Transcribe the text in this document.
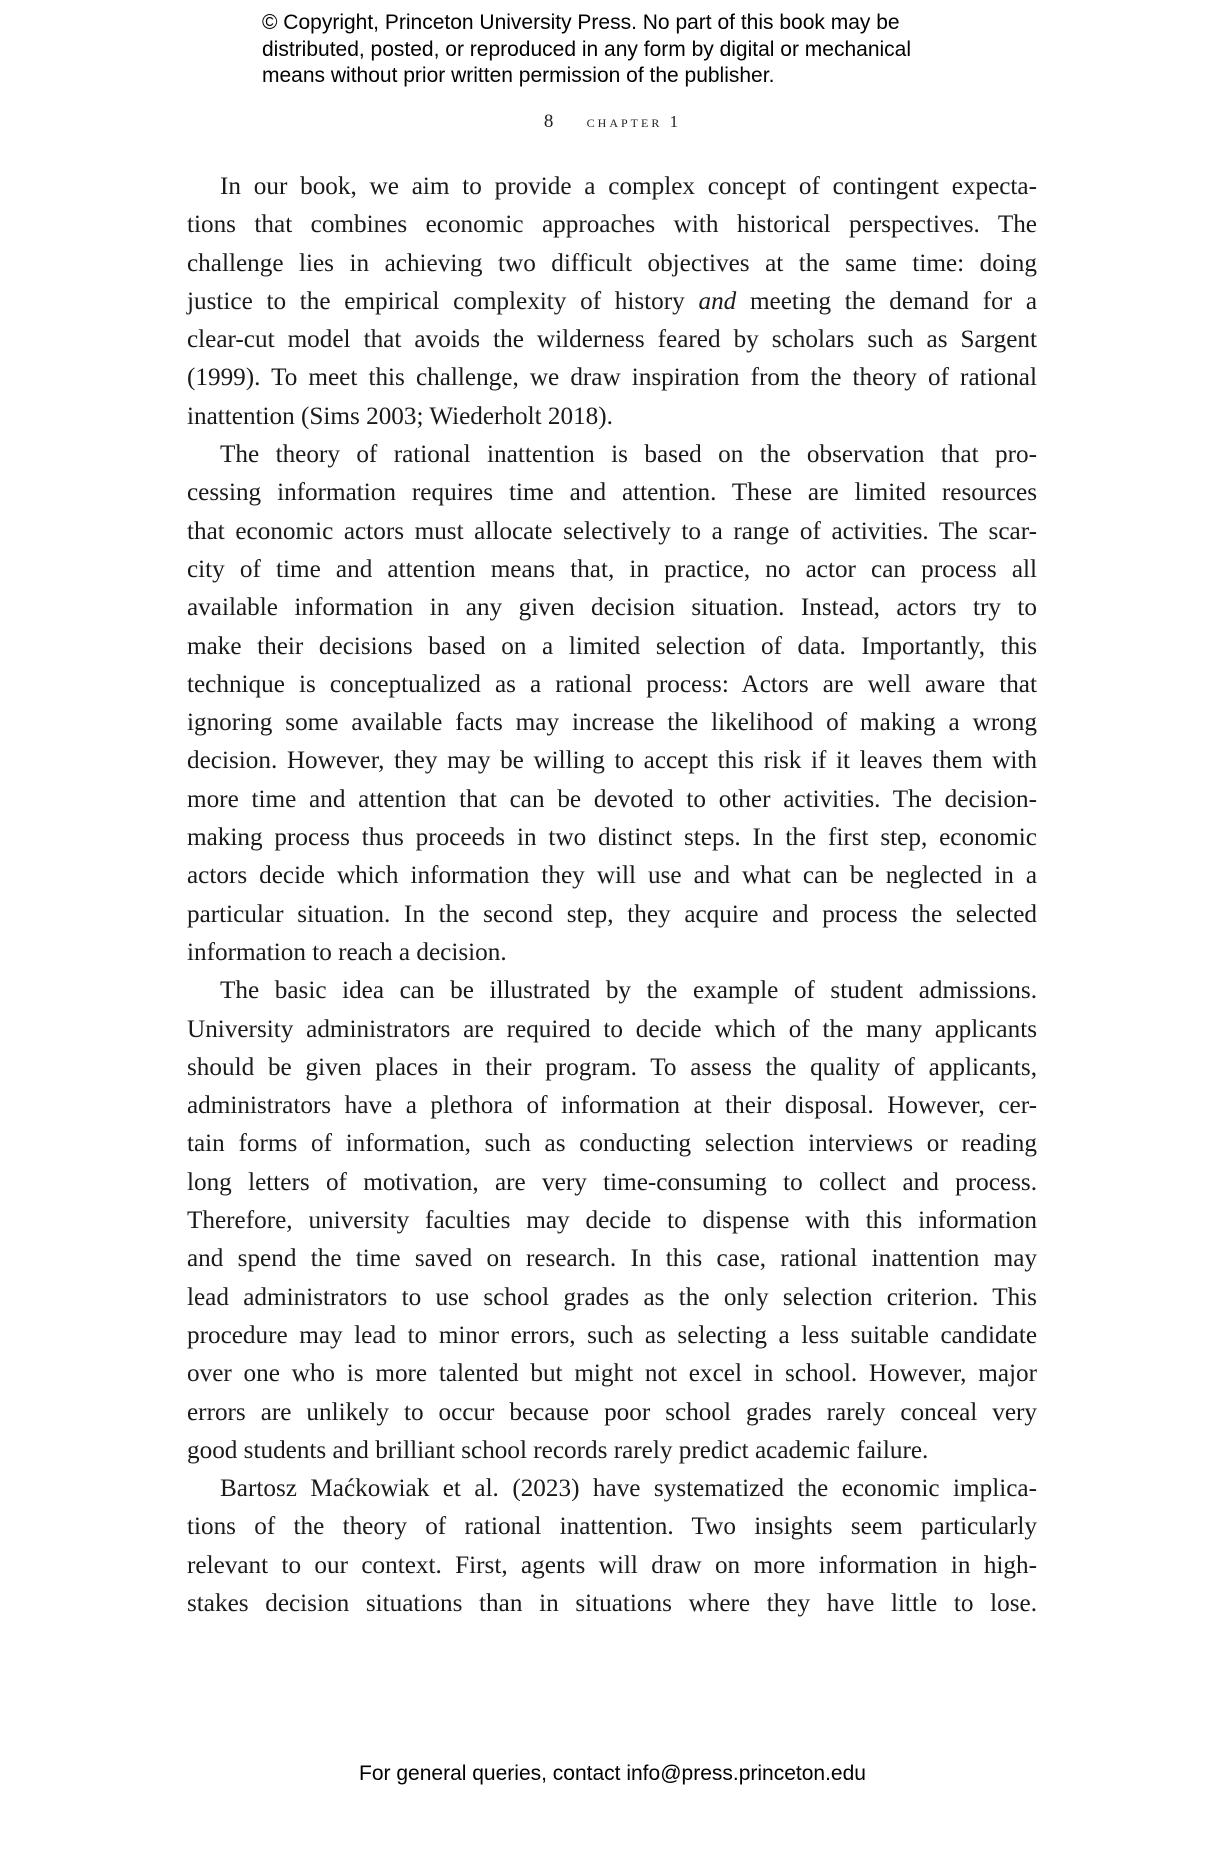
© Copyright, Princeton University Press. No part of this book may be
distributed, posted, or reproduced in any form by digital or mechanical
means without prior written permission of the publisher.
8 chapter 1

In our book, we aim to provide a complex concept of contingent expecta-
tions that combines economic approaches with historical perspectives. The
challenge lies in achieving two difficult objectives at the same time: doing
justice to the empirical complexity of history and meeting the demand for a
clear-cut model that avoids the wilderness feared by scholars such as Sargent
(1999). To meet this challenge, we draw inspiration from the theory of rational
inattention (Sims 2003; Wiederholt 2018).

The theory of rational inattention is based on the observation that pro-
cessing information requires time and attention. These are limited resources
that economic actors must allocate selectively to a range of activities. The scar-
city of time and attention means that, in practice, no actor can process all
available information in any given decision situation. Instead, actors try to
make their decisions based on a limited selection of data. Importantly, this
technique is conceptualized as a rational process: Actors are well aware that
ignoring some available facts may increase the likelihood of making a wrong
decision. However, they may be willing to accept this risk if it leaves them with
more time and attention that can be devoted to other activities. The decision-
making process thus proceeds in two distinct steps. In the first step, economic
actors decide which information they will use and what can be neglected in a
particular situation. In the second step, they acquire and process the selected
information to reach a decision.

The basic idea can be illustrated by the example of student admissions.
University administrators are required to decide which of the many applicants
should be given places in their program. To assess the quality of applicants,
administrators have a plethora of information at their disposal. However, cer-
tain forms of information, such as conducting selection interviews or reading
long letters of motivation, are very time-consuming to collect and process.
Therefore, university faculties may decide to dispense with this information
and spend the time saved on research. In this case, rational inattention may
lead administrators to use school grades as the only selection criterion. This
procedure may lead to minor errors, such as selecting a less suitable candidate
over one who is more talented but might not excel in school. However, major
errors are unlikely to occur because poor school grades rarely conceal very
good students and brilliant school records rarely predict academic failure.

Bartosz Maćkowiak et al. (2023) have systematized the economic implica-
tions of the theory of rational inattention. Two insights seem particularly
relevant to our context. First, agents will draw on more information in high-
stakes decision situations than in situations where they have little to lose.

For general queries, contact info@press.princeton.edu
